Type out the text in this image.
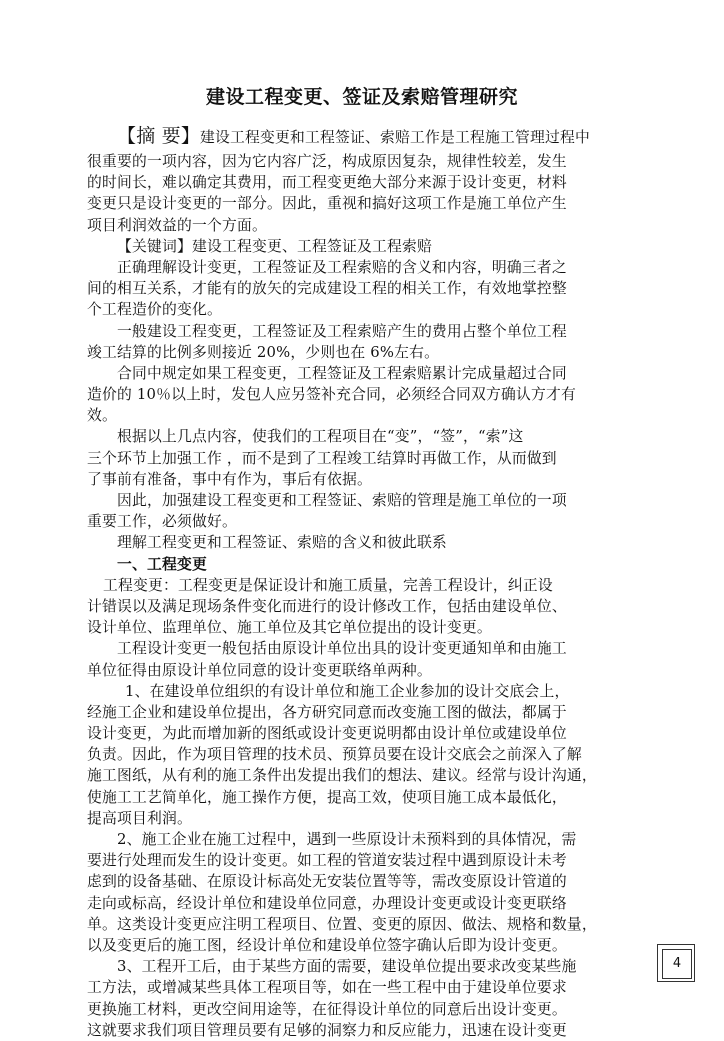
建设工程变更、签证及索赔管理研究
【摘 要】建设工程变更和工程签证、索赔工作是工程施工管理过程中
很重要的一项内容，因为它内容广泛，构成原因复杂，规律性较差，发生
的时间长，难以确定其费用，而工程变更绝大部分来源于设计变更，材料
变更只是设计变更的一部分。因此，重视和搞好这项工作是施工单位产生
项目利润效益的一个方面。
【关键词】建设工程变更、工程签证及工程索赔
正确理解设计变更，工程签证及工程索赔的含义和内容，明确三者之
间的相互关系，才能有的放矢的完成建设工程的相关工作，有效地掌控整
个工程造价的变化。
一般建设工程变更，工程签证及工程索赔产生的费用占整个单位工程
竣工结算的比例多则接近 20%，少则也在 6%左右。
合同中规定如果工程变更，工程签证及工程索赔累计完成量超过合同
造价的 10％以上时，发包人应另签补充合同，必须经合同双方确认方才有
效。
根据以上几点内容，使我们的工程项目在“变”，“签”，“索”这
三个环节上加强工作 ，而不是到了工程竣工结算时再做工作，从而做到
了事前有准备，事中有作为，事后有依据。
因此，加强建设工程变更和工程签证、索赔的管理是施工单位的一项
重要工作，必须做好。
理解工程变更和工程签证、索赔的含义和彼此联系
一、工程变更
工程变更：工程变更是保证设计和施工质量，完善工程设计，纠正设
计错误以及满足现场条件变化而进行的设计修改工作，包括由建设单位、
设计单位、监理单位、施工单位及其它单位提出的设计变更。
工程设计变更一般包括由原设计单位出具的设计变更通知单和由施工
单位征得由原设计单位同意的设计变更联络单两种。
1、在建设单位组织的有设计单位和施工企业参加的设计交底会上，
经施工企业和建设单位提出，各方研究同意而改变施工图的做法，都属于
设计变更，为此而增加新的图纸或设计变更说明都由设计单位或建设单位
负责。因此，作为项目管理的技术员、预算员要在设计交底会之前深入了解
施工图纸，从有利的施工条件出发提出我们的想法、建议。经常与设计沟通，
使施工工艺简单化，施工操作方便，提高工效，使项目施工成本最低化，
提高项目利润。
2、施工企业在施工过程中，遇到一些原设计未预料到的具体情况，需
要进行处理而发生的设计变更。如工程的管道安装过程中遇到原设计未考
虑到的设备基础、在原设计标高处无安装位置等等，需改变原设计管道的
走向或标高，经设计单位和建设单位同意，办理设计变更或设计变更联络
单。这类设计变更应注明工程项目、位置、变更的原因、做法、规格和数量，
以及变更后的施工图，经设计单位和建设单位签字确认后即为设计变更。
3、工程开工后，由于某些方面的需要，建设单位提出要求改变某些施
工方法，或增减某些具体工程项目等，如在一些工程中由于建设单位要求
更换施工材料，更改空间用途等，在征得设计单位的同意后出设计变更。
这就要求我们项目管理员要有足够的洞察力和反应能力，迅速在设计变更
4
